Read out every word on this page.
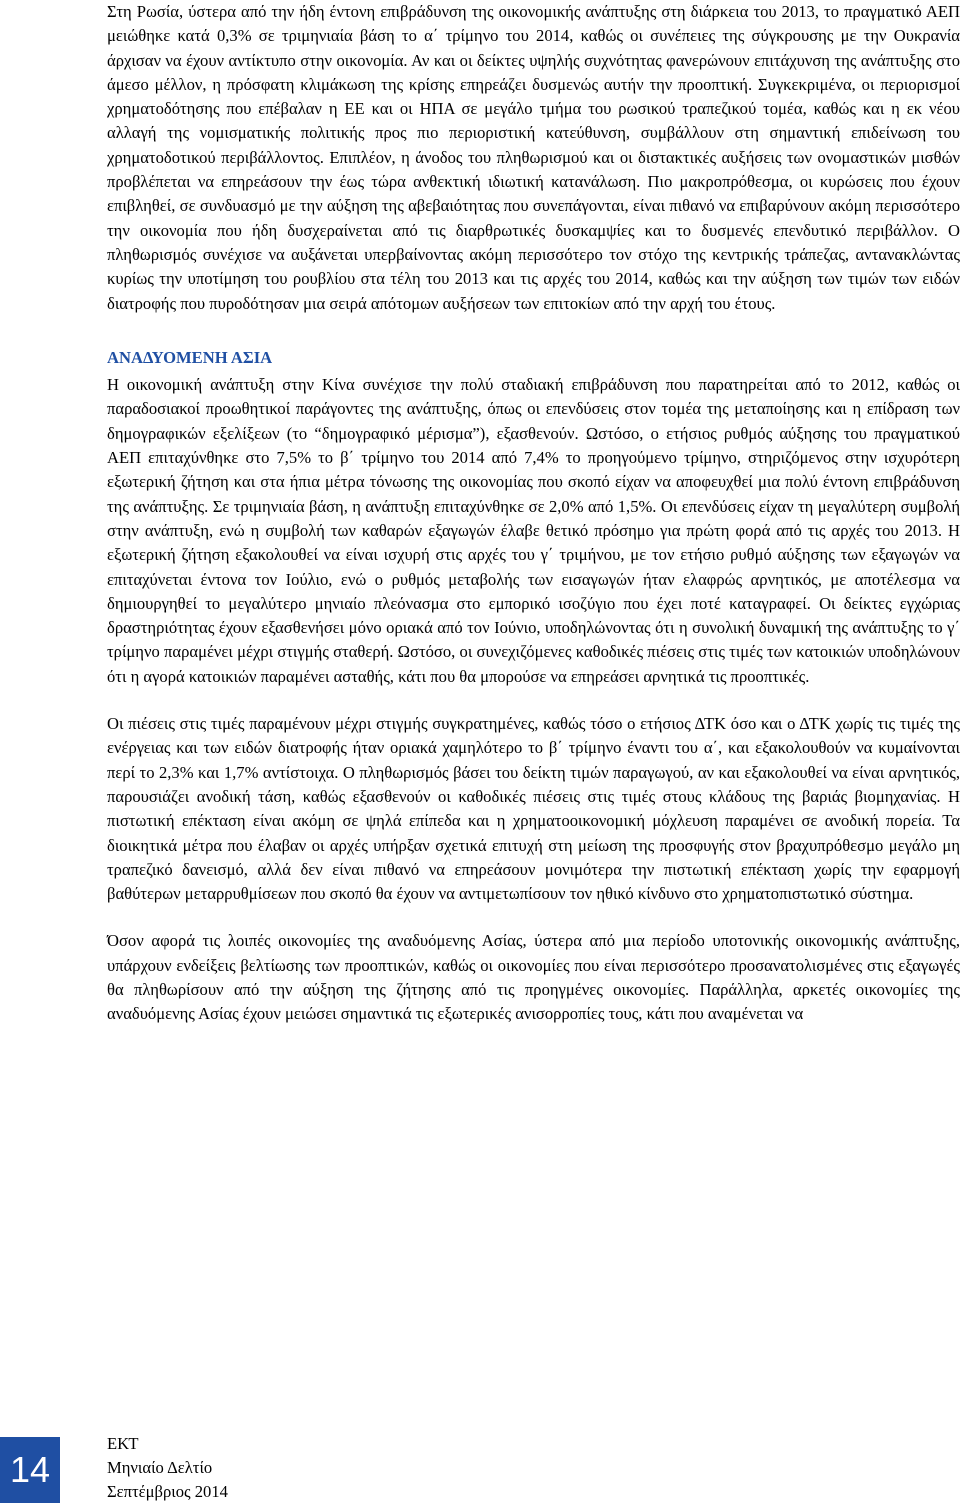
Στη Ρωσία, ύστερα από την ήδη έντονη επιβράδυνση της οικονομικής ανάπτυξης στη διάρκεια του 2013, το πραγματικό ΑΕΠ μειώθηκε κατά 0,3% σε τριμηνιαία βάση το α΄ τρίμηνο του 2014, καθώς οι συνέπειες της σύγκρουσης με την Ουκρανία άρχισαν να έχουν αντίκτυπο στην οικονομία. Αν και οι δείκτες υψηλής συχνότητας φανερώνουν επιτάχυνση της ανάπτυξης στο άμεσο μέλλον, η πρόσφατη κλιμάκωση της κρίσης επηρεάζει δυσμενώς αυτήν την προοπτική. Συγκεκριμένα, οι περιορισμοί χρηματοδότησης που επέβαλαν η ΕΕ και οι ΗΠΑ σε μεγάλο τμήμα του ρωσικού τραπεζικού τομέα, καθώς και η εκ νέου αλλαγή της νομισματικής πολιτικής προς πιο περιοριστική κατεύθυνση, συμβάλλουν στη σημαντική επιδείνωση του χρηματοδοτικού περιβάλλοντος. Επιπλέον, η άνοδος του πληθωρισμού και οι διστακτικές αυξήσεις των ονομαστικών μισθών προβλέπεται να επηρεάσουν την έως τώρα ανθεκτική ιδιωτική κατανάλωση. Πιο μακροπρόθεσμα, οι κυρώσεις που έχουν επιβληθεί, σε συνδυασμό με την αύξηση της αβεβαιότητας που συνεπάγονται, είναι πιθανό να επιβαρύνουν ακόμη περισσότερο την οικονομία που ήδη δυσχεραίνεται από τις διαρθρωτικές δυσκαμψίες και το δυσμενές επενδυτικό περιβάλλον. Ο πληθωρισμός συνέχισε να αυξάνεται υπερβαίνοντας ακόμη περισσότερο τον στόχο της κεντρικής τράπεζας, αντανακλώντας κυρίως την υποτίμηση του ρουβλίου στα τέλη του 2013 και τις αρχές του 2014, καθώς και την αύξηση των τιμών των ειδών διατροφής που πυροδότησαν μια σειρά απότομων αυξήσεων των επιτοκίων από την αρχή του έτους.

ΑΝΑΔΥΟΜΕΝΗ ΑΣΙΑ

Η οικονομική ανάπτυξη στην Κίνα συνέχισε την πολύ σταδιακή επιβράδυνση που παρατηρείται από το 2012, καθώς οι παραδοσιακοί προωθητικοί παράγοντες της ανάπτυξης, όπως οι επενδύσεις στον τομέα της μεταποίησης και η επίδραση των δημογραφικών εξελίξεων (το “δημογραφικό μέρισμα”), εξασθενούν. Ωστόσο, ο ετήσιος ρυθμός αύξησης του πραγματικού ΑΕΠ επιταχύνθηκε στο 7,5% το β΄ τρίμηνο του 2014 από 7,4% το προηγούμενο τρίμηνο, στηριζόμενος στην ισχυρότερη εξωτερική ζήτηση και στα ήπια μέτρα τόνωσης της οικονομίας που σκοπό είχαν να αποφευχθεί μια πολύ έντονη επιβράδυνση της ανάπτυξης. Σε τριμηνιαία βάση, η ανάπτυξη επιταχύνθηκε σε 2,0% από 1,5%. Οι επενδύσεις είχαν τη μεγαλύτερη συμβολή στην ανάπτυξη, ενώ η συμβολή των καθαρών εξαγωγών έλαβε θετικό πρόσημο για πρώτη φορά από τις αρχές του 2013. Η εξωτερική ζήτηση εξακολουθεί να είναι ισχυρή στις αρχές του γ΄ τριμήνου, με τον ετήσιο ρυθμό αύξησης των εξαγωγών να επιταχύνεται έντονα τον Ιούλιο, ενώ ο ρυθμός μεταβολής των εισαγωγών ήταν ελαφρώς αρνητικός, με αποτέλεσμα να δημιουργηθεί το μεγαλύτερο μηνιαίο πλεόνασμα στο εμπορικό ισοζύγιο που έχει ποτέ καταγραφεί. Οι δείκτες εγχώριας δραστηριότητας έχουν εξασθενήσει μόνο οριακά από τον Ιούνιο, υποδηλώνοντας ότι η συνολική δυναμική της ανάπτυξης το γ΄ τρίμηνο παραμένει μέχρι στιγμής σταθερή. Ωστόσο, οι συνεχιζόμενες καθοδικές πιέσεις στις τιμές των κατοικιών υποδηλώνουν ότι η αγορά κατοικιών παραμένει ασταθής, κάτι που θα μπορούσε να επηρεάσει αρνητικά τις προοπτικές.

Οι πιέσεις στις τιμές παραμένουν μέχρι στιγμής συγκρατημένες, καθώς τόσο ο ετήσιος ΔΤΚ όσο και ο ΔΤΚ χωρίς τις τιμές της ενέργειας και των ειδών διατροφής ήταν οριακά χαμηλότερο το β΄ τρίμηνο έναντι του α΄, και εξακολουθούν να κυμαίνονται περί το 2,3% και 1,7% αντίστοιχα. Ο πληθωρισμός βάσει του δείκτη τιμών παραγωγού, αν και εξακολουθεί να είναι αρνητικός, παρουσιάζει ανοδική τάση, καθώς εξασθενούν οι καθοδικές πιέσεις στις τιμές στους κλάδους της βαριάς βιομηχανίας. Η πιστωτική επέκταση είναι ακόμη σε ψηλά επίπεδα και η χρηματοοικονομική μόχλευση παραμένει σε ανοδική πορεία. Τα διοικητικά μέτρα που έλαβαν οι αρχές υπήρξαν σχετικά επιτυχή στη μείωση της προσφυγής στον βραχυπρόθεσμο μεγάλο μη τραπεζικό δανεισμό, αλλά δεν είναι πιθανό να επηρεάσουν μονιμότερα την πιστωτική επέκταση χωρίς την εφαρμογή βαθύτερων μεταρρυθμίσεων που σκοπό θα έχουν να αντιμετωπίσουν τον ηθικό κίνδυνο στο χρηματοπιστωτικό σύστημα.

Όσον αφορά τις λοιπές οικονομίες της αναδυόμενης Ασίας, ύστερα από μια περίοδο υποτονικής οικονομικής ανάπτυξης, υπάρχουν ενδείξεις βελτίωσης των προοπτικών, καθώς οι οικονομίες που είναι περισσότερο προσανατολισμένες στις εξαγωγές θα πληθωρίσουν από την αύξηση της ζήτησης από τις προηγμένες οικονομίες. Παράλληλα, αρκετές οικονομίες της αναδυόμενης Ασίας έχουν μειώσει σημαντικά τις εξωτερικές ανισορροπίες τους, κάτι που αναμένεται να

14
ΕΚΤ
Μηνιαίο Δελτίο
Σεπτέμβριος 2014
